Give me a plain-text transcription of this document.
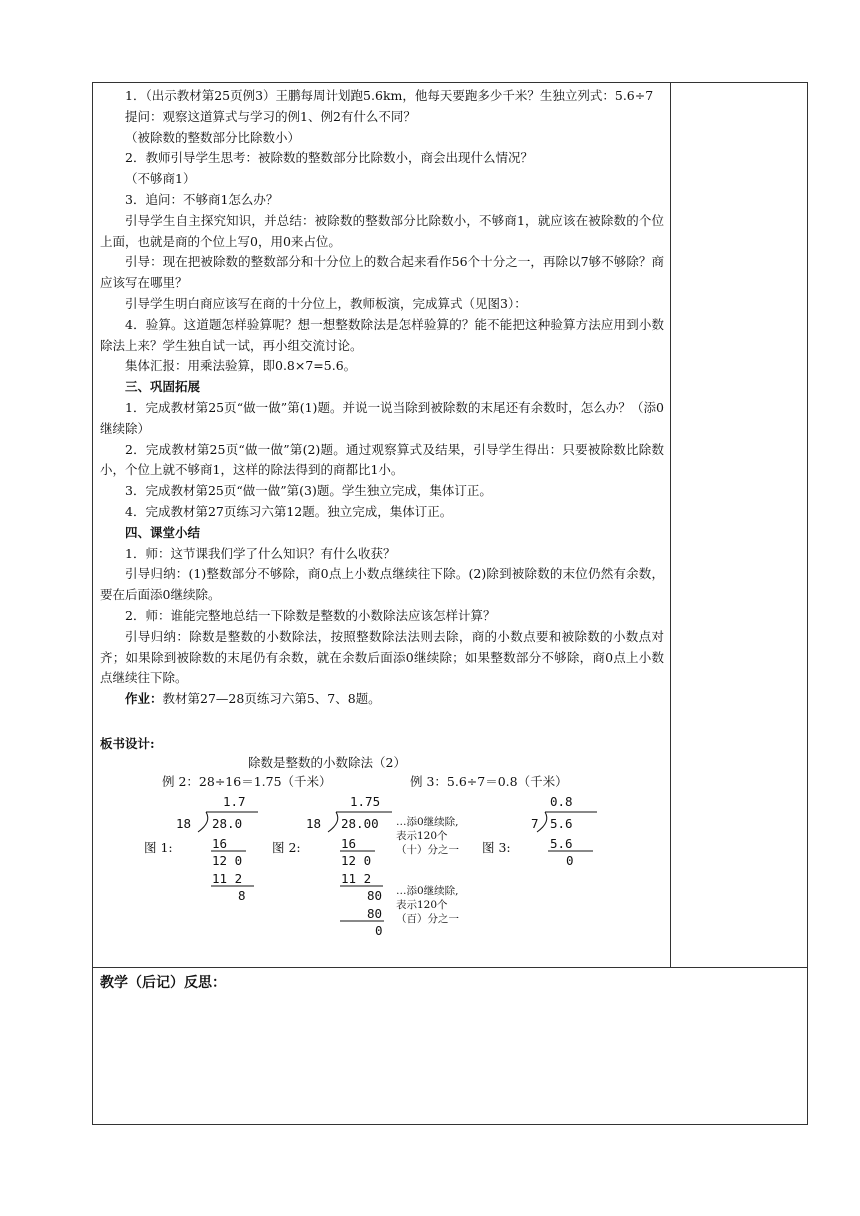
1．（出示教材第25页例3）王鹏每周计划跑5.6km，他每天要跑多少千米？生独立列式：5.6÷7

提问：观察这道算式与学习的例1、例2有什么不同？

（被除数的整数部分比除数小）

2．教师引导学生思考：被除数的整数部分比除数小，商会出现什么情况？

（不够商1）

3．追问：不够商1怎么办？

引导学生自主探究知识，并总结：被除数的整数部分比除数小，不够商1，就应该在被除数的个位上面，也就是商的个位上写0，用0来占位。

引导：现在把被除数的整数部分和十分位上的数合起来看作56个十分之一，再除以7够不够除？商应该写在哪里？

引导学生明白商应该写在商的十分位上，教师板演，完成算式（见图3）：

4．验算。这道题怎样验算呢？想一想整数除法是怎样验算的？能不能把这种验算方法应用到小数除法上来？学生独自试一试，再小组交流讨论。

集体汇报：用乘法验算，即0.8×7=5.6。

三、巩固拓展

1．完成教材第25页“做一做”第(1)题。并说一说当除到被除数的末尾还有余数时，怎么办？（添0继续除）

2．完成教材第25页“做一做”第(2)题。通过观察算式及结果，引导学生得出：只要被除数比除数小，个位上就不够商1，这样的除法得到的商都比1小。

3．完成教材第25页“做一做”第(3)题。学生独立完成，集体订正。

4．完成教材第27页练习六第12题。独立完成，集体订正。

四、课堂小结

1．师：这节课我们学了什么知识？有什么收获？

引导归纳：(1)整数部分不够除，商0点上小数点继续往下除。(2)除到被除数的末位仍然有余数，要在后面添0继续除。

2．师：谁能完整地总结一下除数是整数的小数除法应该怎样计算？

引导归纳：除数是整数的小数除法，按照整数除法法则去除，商的小数点要和被除数的小数点对齐；如果除到被除数的末尾仍有余数，就在余数后面添0继续除；如果整数部分不够除，商0点上小数点继续往下除。

作业：教材第27—28页练习六第5、7、8题。

板书设计:
除数是整数的小数除法（2）
例 2：28÷16＝1.75（千米）	例 3：5.6÷7＝0.8（千米）
图 1:
1.7
18 28.0
16
12 0
11 2
8
图 2:
1.75
18 28.00
16
12 0
11 2
80
80
0
…添0继续除,
表示120个
（十）分之一
…添0继续除,
表示120个
（百）分之一
图 3:
0.8
7 5.6
5.6
0
教学（后记）反思：
